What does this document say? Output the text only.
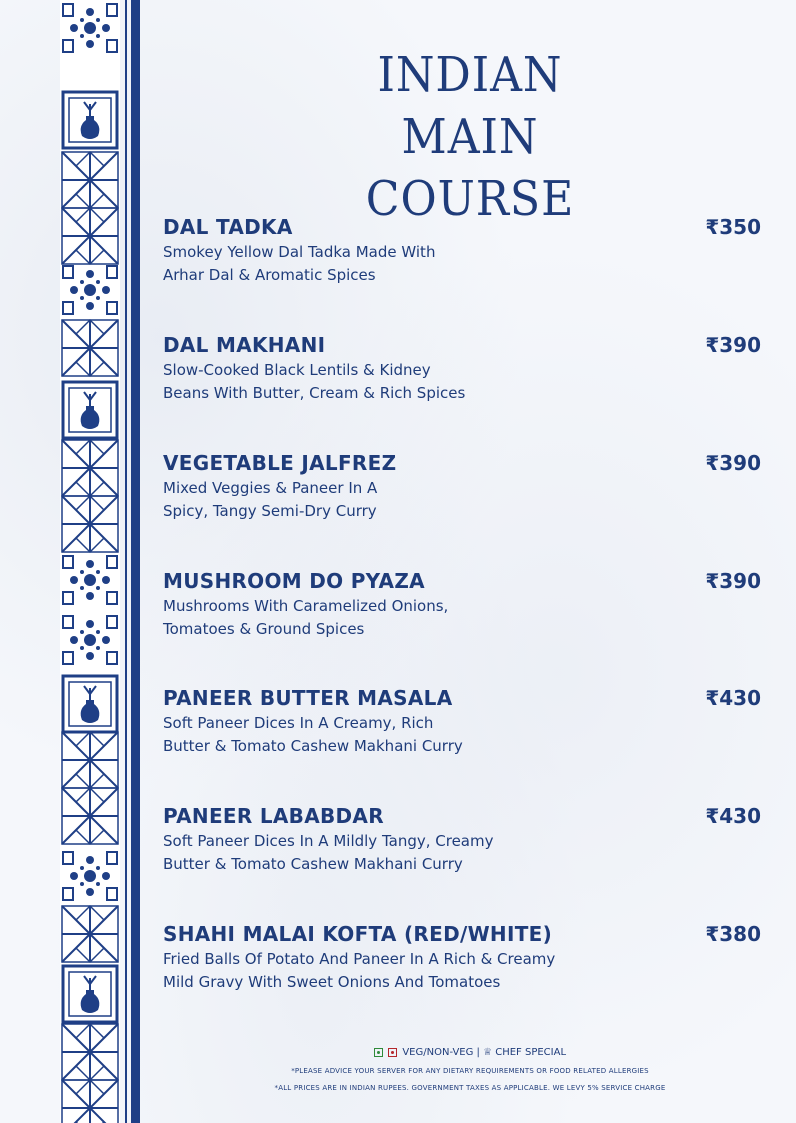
INDIAN MAIN
COURSE
DAL TADKA	₹350
Smokey Yellow Dal Tadka Made With
Arhar Dal & Aromatic Spices
DAL MAKHANI	₹390
Slow-Cooked Black Lentils & Kidney
Beans With Butter, Cream & Rich Spices
VEGETABLE JALFREZ	₹390
Mixed Veggies & Paneer In A
Spicy, Tangy Semi-Dry Curry
MUSHROOM DO PYAZA	₹390
Mushrooms With Caramelized Onions,
Tomatoes & Ground Spices
PANEER BUTTER MASALA	₹430
Soft Paneer Dices In A Creamy, Rich
Butter & Tomato Cashew Makhani Curry
PANEER LABABDAR	₹430
Soft Paneer Dices In A Mildly Tangy, Creamy
Butter & Tomato Cashew Makhani Curry
SHAHI MALAI KOFTA (RED/WHITE)	₹380
Fried Balls Of Potato And Paneer In A Rich & Creamy
Mild Gravy With Sweet Onions And Tomatoes
VEG/NON-VEG | ♕ CHEF SPECIAL
*PLEASE ADVICE YOUR SERVER FOR ANY DIETARY REQUIREMENTS OR FOOD RELATED ALLERGIES
*ALL PRICES ARE IN INDIAN RUPEES. GOVERNMENT TAXES AS APPLICABLE. WE LEVY 5% SERVICE CHARGE
